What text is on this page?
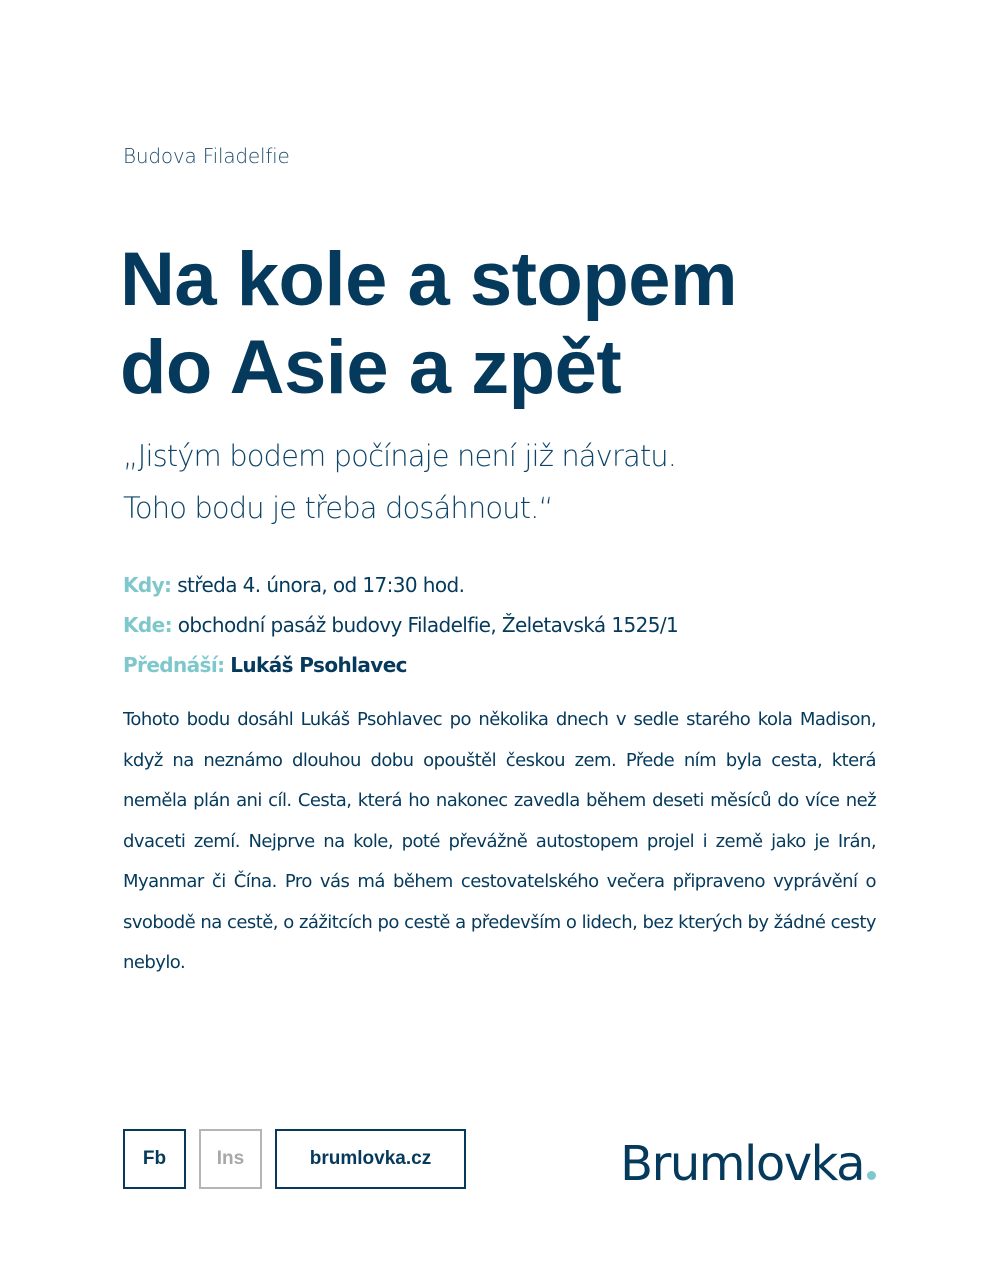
Budova Filadelfie
Na kole a stopem
do Asie a zpět
„Jistým bodem počínaje není již návratu.
Toho bodu je třeba dosáhnout.“
Kdy: středa 4. února, od 17:30 hod.
Kde: obchodní pasáž budovy Filadelfie, Želetavská 1525/1
Přednáší: Lukáš Psohlavec

Tohoto bodu dosáhl Lukáš Psohlavec po několika dnech v sedle starého kola Madison, když na neznámo dlouhou dobu opouštěl českou zem. Přede ním byla cesta, která neměla plán ani cíl. Cesta, která ho nakonec zavedla během deseti měsíců do více než dvaceti zemí. Nejprve na kole, poté převážně autostopem projel i země jako je Irán, Myanmar či Čína. Pro vás má během cestovatelského večera připraveno vyprávění o svobodě na cestě, o zážitcích po cestě a především o lidech, bez kterých by žádné cesty nebylo.

Fb	Ins	brumlovka.cz	Brumlovka
